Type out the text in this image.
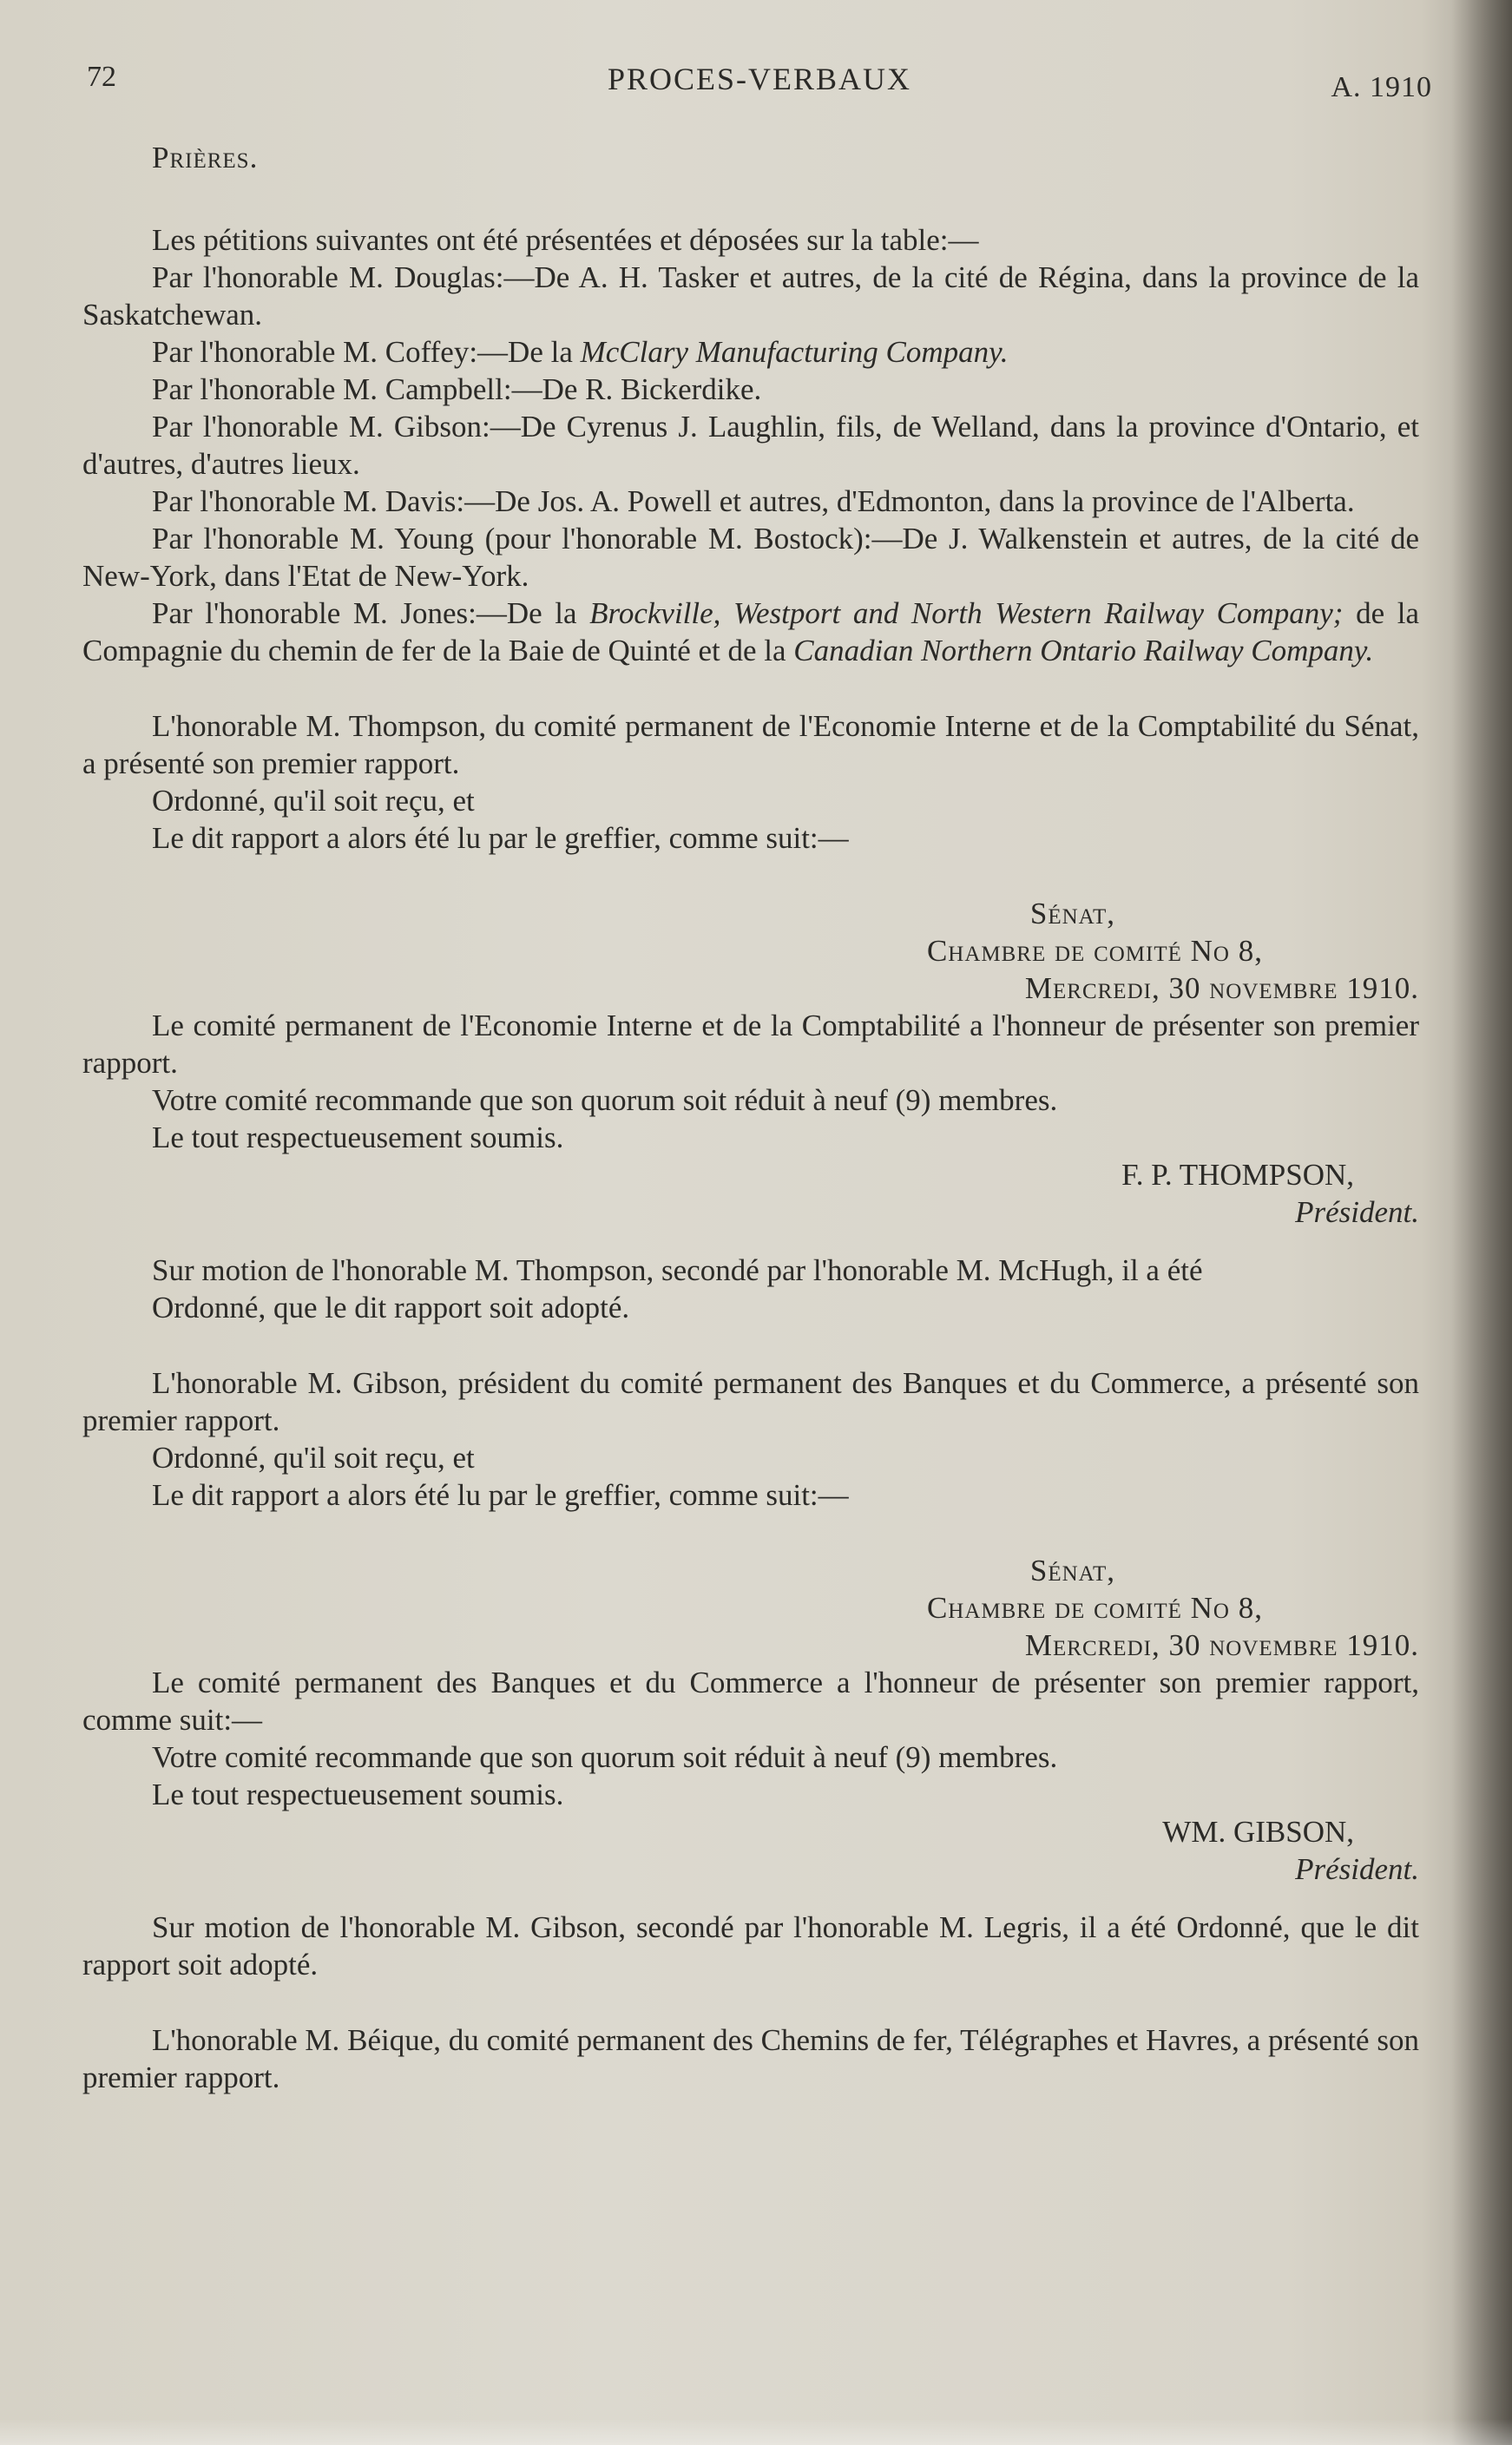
72	PROCES-VERBAUX	A. 1910

Prières.

Les pétitions suivantes ont été présentées et déposées sur la table:—

Par l'honorable M. Douglas:—De A. H. Tasker et autres, de la cité de Régina, dans la province de la Saskatchewan.

Par l'honorable M. Coffey:—De la McClary Manufacturing Company.

Par l'honorable M. Campbell:—De R. Bickerdike.

Par l'honorable M. Gibson:—De Cyrenus J. Laughlin, fils, de Welland, dans la province d'Ontario, et d'autres, d'autres lieux.

Par l'honorable M. Davis:—De Jos. A. Powell et autres, d'Edmonton, dans la province de l'Alberta.

Par l'honorable M. Young (pour l'honorable M. Bostock):—De J. Walkenstein et autres, de la cité de New-York, dans l'Etat de New-York.

Par l'honorable M. Jones:—De la Brockville, Westport and North Western Railway Company; de la Compagnie du chemin de fer de la Baie de Quinté et de la Canadian Northern Ontario Railway Company.

L'honorable M. Thompson, du comité permanent de l'Economie Interne et de la Comptabilité du Sénat, a présenté son premier rapport.

Ordonné, qu'il soit reçu, et

Le dit rapport a alors été lu par le greffier, comme suit:—

Sénat,
Chambre de comité No 8,
Mercredi, 30 novembre 1910.

Le comité permanent de l'Economie Interne et de la Comptabilité a l'honneur de présenter son premier rapport.

Votre comité recommande que son quorum soit réduit à neuf (9) membres.

Le tout respectueusement soumis.

F. P. THOMPSON,
Président.

Sur motion de l'honorable M. Thompson, secondé par l'honorable M. McHugh, il a été

Ordonné, que le dit rapport soit adopté.

L'honorable M. Gibson, président du comité permanent des Banques et du Commerce, a présenté son premier rapport.

Ordonné, qu'il soit reçu, et

Le dit rapport a alors été lu par le greffier, comme suit:—

Sénat,
Chambre de comité No 8,
Mercredi, 30 novembre 1910.

Le comité permanent des Banques et du Commerce a l'honneur de présenter son premier rapport, comme suit:—

Votre comité recommande que son quorum soit réduit à neuf (9) membres.

Le tout respectueusement soumis.

WM. GIBSON,
Président.

Sur motion de l'honorable M. Gibson, secondé par l'honorable M. Legris, il a été Ordonné, que le dit rapport soit adopté.

L'honorable M. Béique, du comité permanent des Chemins de fer, Télégraphes et Havres, a présenté son premier rapport.
